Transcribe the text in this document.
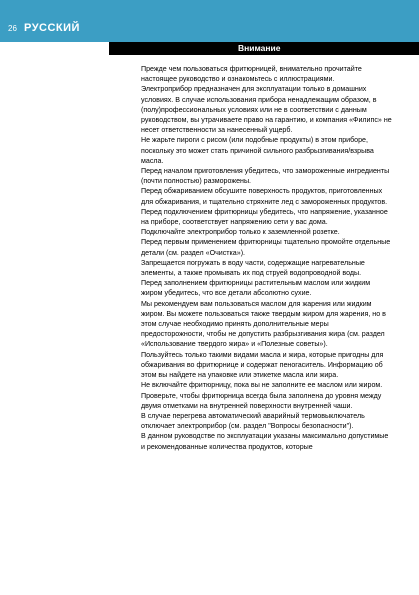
26 РУССКИЙ
Внимание

Прежде чем пользоваться фритюрницей, внимательно прочитайте настоящее руководство и ознакомьтесь с иллюстрациями.

Электроприбор предназначен для эксплуатации только в домашних условиях. В случае использования прибора ненадлежащим образом, в (полу)профессиональных условиях или не в соответствии с данным руководством, вы утрачиваете право на гарантию, и компания «Филипс» не несет ответственности за нанесенный ущерб.

Не жарьте пироги с рисом (или подобные продукты) в этом приборе, поскольку это может стать причиной сильного разбрызгивания/взрыва масла.

Перед началом приготовления убедитесь, что замороженные ингредиенты (почти полностью) разморожены.

Перед обжариванием обсушите поверхность продуктов, приготовленных для обжаривания, и тщательно стряхните лед с замороженных продуктов.

Перед подключением фритюрницы убедитесь, что напряжение, указанное на приборе, соответствует напряжению сети у вас дома.

Подключайте электроприбор только к заземленной розетке.

Перед первым применением фритюрницы тщательно промойте отдельные детали (см. раздел «Очистка»).

Запрещается погружать в воду части, содержащие нагревательные элементы, а также промывать их под струей водопроводной воды.

Перед заполнением фритюрницы растительным маслом или жидким жиром убедитесь, что все детали абсолютно сухие.

Мы рекомендуем вам пользоваться маслом для жарения или жидким жиром. Вы можете пользоваться также твердым жиром для жарения, но в этом случае необходимо принять дополнительные меры предосторожности, чтобы не допустить разбрызгивания жира (см. раздел «Использование твердого жира» и «Полезные советы»).

Пользуйтесь только такими видами масла и жира, которые пригодны для обжаривания во фритюрнице и содержат пеногаситель. Информацию об этом вы найдете на упаковке или этикетке масла или жира.

Не включайте фритюрницу, пока вы не заполните ее маслом или жиром.

Проверьте, чтобы фритюрница всегда была заполнена до уровня между двумя отметками на внутренней поверхности внутренней чаши.

В случае перегрева автоматический аварийный термовыключатель отключает электроприбор (см. раздел "Вопросы безопасности").

В данном руководстве по эксплуатации указаны максимально допустимые и рекомендованные количества продуктов, которые
